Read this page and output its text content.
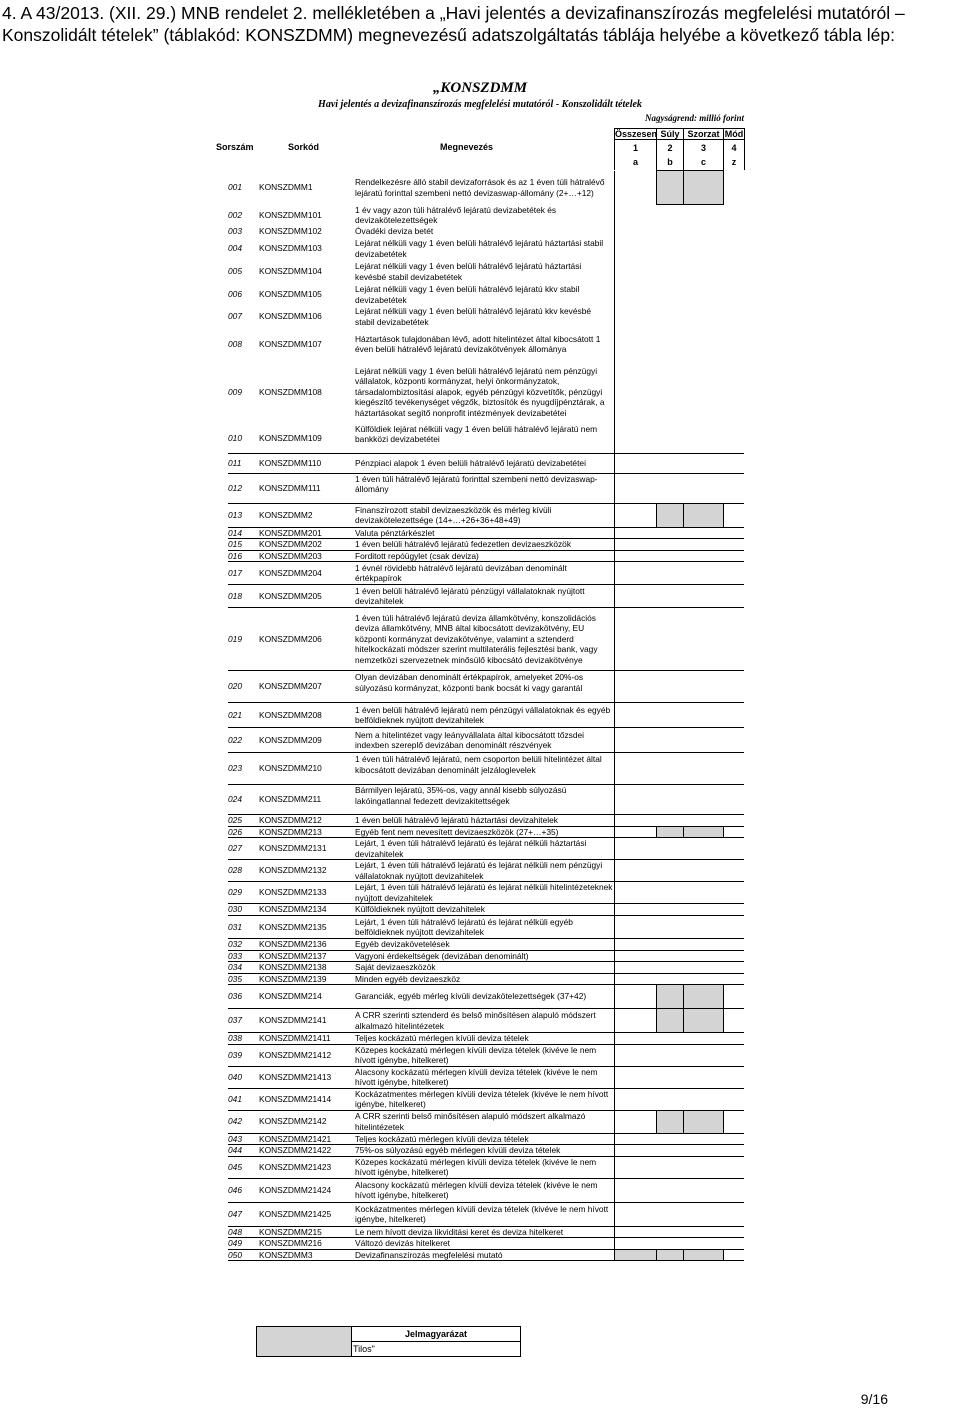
4. A 43/2013. (XII. 29.) MNB rendelet 2. mellékletében a „Havi jelentés a devizafinanszírozás megfelelési mutatóról – Konszolidált tételek” (táblakód: KONSZDMM) megnevezésű adatszolgáltatás táblája helyébe a következő tábla lép:

„KONSZDMM
Havi jelentés a devizafinanszírozás megfelelési mutatóról - Konszolidált tételek
Nagyságrend: millió forint
Sorszám	Sorkód	Megnevezés
Összesen Súly Szorzat Mód
1	2	3	4
a	b	c	z
001	KONSZDMM1	Rendelkezésre álló stabil devizaforrások és az 1 éven túli hátralévő lejáratú forinttal szembeni nettó devizaswap-állomány (2+…+12)				
002	KONSZDMM101	1 év vagy azon túli hátralévő lejáratú devizabetétek és devizakötelezettségek				
003	KONSZDMM102	Óvadéki deviza betét				
004	KONSZDMM103	Lejárat nélküli vagy 1 éven belüli hátralévő lejáratú háztartási stabil devizabetétek				
005	KONSZDMM104	Lejárat nélküli vagy 1 éven belüli hátralévő lejáratú háztartási kevésbé stabil devizabetétek				
006	KONSZDMM105	Lejárat nélküli vagy 1 éven belüli hátralévő lejáratú kkv stabil devizabetétek				
007	KONSZDMM106	Lejárat nélküli vagy 1 éven belüli hátralévő lejáratú kkv kevésbé stabil devizabetétek				
008	KONSZDMM107	Háztartások tulajdonában lévő, adott hitelintézet által kibocsátott 1 éven belüli hátralévő lejáratú devizakötvények állománya				
009	KONSZDMM108	Lejárat nélküli vagy 1 éven belüli hátralévő lejáratú nem pénzügyi vállalatok, központi kormányzat, helyi önkormányzatok, társadalombiztosítási alapok, egyéb pénzügyi közvetítők, pénzügyi kiegészítő tevékenységet végzők, biztosítók és nyugdíjpénztárak, a háztartásokat segítő nonprofit intézmények devizabetétei				
010	KONSZDMM109	Külföldiek lejárat nélküli vagy 1 éven belüli hátralévő lejáratú nem bankközi devizabetétei				
011	KONSZDMM110	Pénzpiaci alapok 1 éven belüli hátralévő lejáratú devizabetétei				
012	KONSZDMM111	1 éven túli hátralévő lejáratú forinttal szembeni nettó devizaswap-állomány				
013	KONSZDMM2	Finanszírozott stabil devizaeszközök és mérleg kívüli devizakötelezettsége (14+…+26+36+48+49)				
014	KONSZDMM201	Valuta pénztárkészlet				
015	KONSZDMM202	1 éven belüli hátralévő lejáratú fedezetlen devizaeszközök				
016	KONSZDMM203	Forditott repóügylet (csak deviza)				
017	KONSZDMM204	1 évnél rövidebb hátralévő lejáratú devizában denominált értékpapírok				
018	KONSZDMM205	1 éven belüli hátralévő lejáratú pénzügyi vállalatoknak nyújtott devizahitelek				
019	KONSZDMM206	1 éven túli hátralévő lejáratú deviza államkötvény, konszolidációs deviza államkötvény, MNB által kibocsátott devizakötvény, EU központi kormányzat devizakötvénye, valamint a sztenderd hitelkockázati módszer szerint multilaterális fejlesztési bank, vagy nemzetközi szervezetnek minősülő kibocsátó devizakötvénye				
020	KONSZDMM207	Olyan devizában denominált értékpapírok, amelyeket 20%-os súlyozású kormányzat, központi bank bocsát ki vagy garantál				
021	KONSZDMM208	1 éven belüli hátralévő lejáratú nem pénzügyi vállalatoknak és egyéb belföldieknek nyújtott devizahitelek				
022	KONSZDMM209	Nem a hitelintézet vagy leányvállalata által kibocsátott tőzsdei indexben szereplő devizában denominált részvények				
023	KONSZDMM210	1 éven túli hátralévő lejáratú, nem csoporton belüli hitelintézet által kibocsátott devizában denominált jelzáloglevelek				
024	KONSZDMM211	Bármilyen lejáratú, 35%-os, vagy annál kisebb súlyozású lakóingatlannal fedezett devizakitettségek				
025	KONSZDMM212	1 éven belüli hátralévő lejáratú háztartási devizahitelek				
026	KONSZDMM213	Egyéb fent nem nevesített devizaeszközök (27+…+35)				
027	KONSZDMM2131	Lejárt, 1 éven túli hátralévő lejáratú és lejárat nélküli háztartási devizahitelek				
028	KONSZDMM2132	Lejárt, 1 éven túli hátralévő lejáratú és lejárat nélküli nem pénzügyi vállalatoknak nyújtott devizahitelek				
029	KONSZDMM2133	Lejárt, 1 éven túli hátralévő lejáratú és lejárat nélküli hitelintézeteknek nyújtott devizahitelek				
030	KONSZDMM2134	Külföldieknek nyújtott devizahitelek				
031	KONSZDMM2135	Lejárt, 1 éven túli hátralévő lejáratú és lejárat nélküli egyéb belföldieknek nyújtott devizahitelek				
032	KONSZDMM2136	Egyéb devizakövetelések				
033	KONSZDMM2137	Vagyoni érdekeltségek (devizában denominált)				
034	KONSZDMM2138	Saját devizaeszközök				
035	KONSZDMM2139	Minden egyéb devizaeszköz				
036	KONSZDMM214	Garanciák, egyéb mérleg kívüli devizakötelezettségek (37+42)				
037	KONSZDMM2141	A CRR szerinti sztenderd és belső minősítésen alapuló módszert alkalmazó hitelintézetek				
038	KONSZDMM21411	Teljes kockázatú mérlegen kívüli deviza tételek				
039	KONSZDMM21412	Közepes kockázatú mérlegen kívüli deviza tételek (kivéve le nem hívott igénybe, hitelkeret)				
040	KONSZDMM21413	Alacsony kockázatú mérlegen kívüli deviza tételek (kivéve le nem hívott igénybe, hitelkeret)				
041	KONSZDMM21414	Kockázatmentes mérlegen kívüli deviza tételek (kivéve le nem hívott igénybe, hitelkeret)				
042	KONSZDMM2142	A CRR szerinti belső minősítésen alapuló módszert alkalmazó hitelintézetek				
043	KONSZDMM21421	Teljes kockázatú mérlegen kívüli deviza tételek				
044	KONSZDMM21422	75%-os súlyozású egyéb mérlegen kívüli deviza tételek				
045	KONSZDMM21423	Közepes kockázatú mérlegen kívüli deviza tételek (kivéve le nem hívott igénybe, hitelkeret)				
046	KONSZDMM21424	Alacsony kockázatú mérlegen kívüli deviza tételek (kivéve le nem hívott igénybe, hitelkeret)				
047	KONSZDMM21425	Kockázatmentes mérlegen kívüli deviza tételek (kivéve le nem hívott igénybe, hitelkeret)				
048	KONSZDMM215	Le nem hívott deviza likviditási keret és deviza hitelkeret				
049	KONSZDMM216	Változó devizás hitelkeret				
050	KONSZDMM3	Devizafinanszírozás megfelelési mutató				
	Jelmagyarázat
Tilos"
9/16
